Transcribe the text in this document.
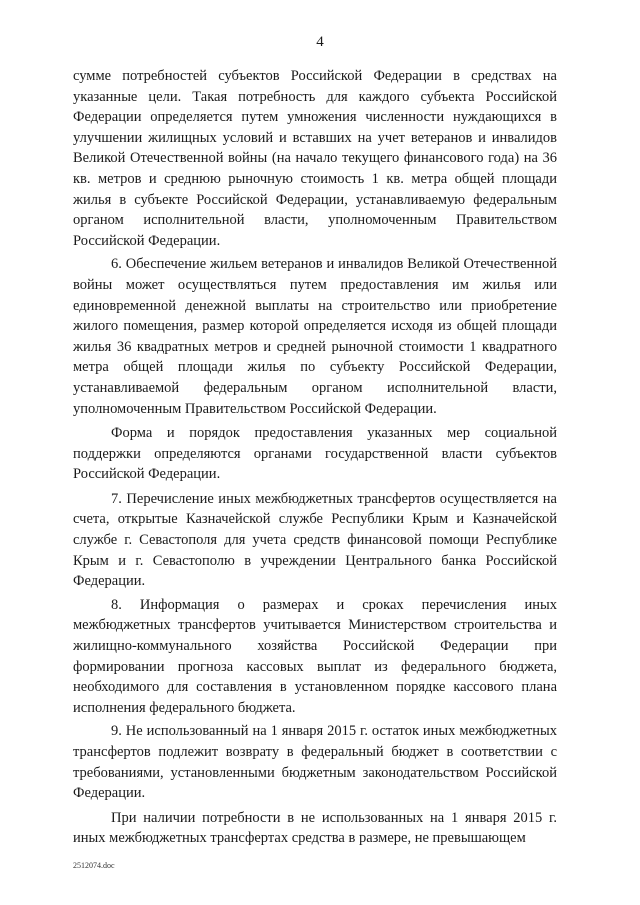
4

сумме потребностей субъектов Российской Федерации в средствах на указанные цели. Такая потребность для каждого субъекта Российской Федерации определяется путем умножения численности нуждающихся в улучшении жилищных условий и вставших на учет ветеранов и инвалидов Великой Отечественной войны (на начало текущего финансового года) на 36 кв. метров и среднюю рыночную стоимость 1 кв. метра общей площади жилья в субъекте Российской Федерации, устанавливаемую федеральным органом исполнительной власти, уполномоченным Правительством Российской Федерации.

6. Обеспечение жильем ветеранов и инвалидов Великой Отечественной войны может осуществляться путем предоставления им жилья или единовременной денежной выплаты на строительство или приобретение жилого помещения, размер которой определяется исходя из общей площади жилья 36 квадратных метров и средней рыночной стоимости 1 квадратного метра общей площади жилья по субъекту Российской Федерации, устанавливаемой федеральным органом исполнительной власти, уполномоченным Правительством Российской Федерации.

Форма и порядок предоставления указанных мер социальной поддержки определяются органами государственной власти субъектов Российской Федерации.

7. Перечисление иных межбюджетных трансфертов осуществляется на счета, открытые Казначейской службе Республики Крым и Казначейской службе г. Севастополя для учета средств финансовой помощи Республике Крым и г. Севастополю в учреждении Центрального банка Российской Федерации.

8. Информация о размерах и сроках перечисления иных межбюджетных трансфертов учитывается Министерством строительства и жилищно-коммунального хозяйства Российской Федерации при формировании прогноза кассовых выплат из федерального бюджета, необходимого для составления в установленном порядке кассового плана исполнения федерального бюджета.

9. Не использованный на 1 января 2015 г. остаток иных межбюджетных трансфертов подлежит возврату в федеральный бюджет в соответствии с требованиями, установленными бюджетным законодательством Российской Федерации.

При наличии потребности в не использованных на 1 января 2015 г. иных межбюджетных трансфертах средства в размере, не превышающем

2512074.doc
